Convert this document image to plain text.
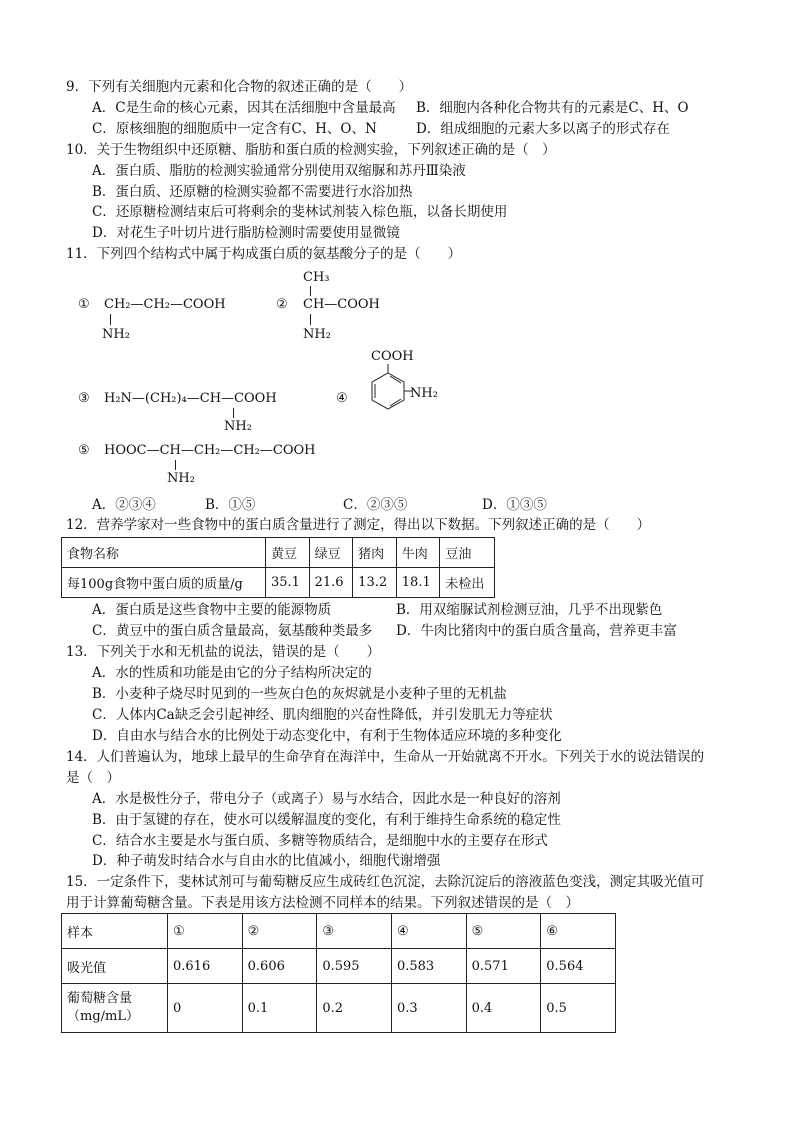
9．下列有关细胞内元素和化合物的叙述正确的是（　　）
A．C是生命的核心元素，因其在活细胞中含量最高 B．细胞内各种化合物共有的元素是C、H、O
C．原核细胞的细胞质中一定含有C、H、O、N	D．组成细胞的元素大多以离子的形式存在
10．关于生物组织中还原糖、脂肪和蛋白质的检测实验，下列叙述正确的是（　）
A．蛋白质、脂肪的检测实验通常分别使用双缩脲和苏丹Ⅲ染液
B．蛋白质、还原糖的检测实验都不需要进行水浴加热
C．还原糖检测结束后可将剩余的斐林试剂装入棕色瓶，以备长期使用
D．对花生子叶切片进行脂肪检测时需要使用显微镜
11．下列四个结构式中属于构成蛋白质的氨基酸分子的是（　　）
① CH₂—CH₂—COOH
NH₂
CH₃
② CH—COOH
NH₂
③ H₂N—(CH₂)₄—CH—COOH
NH₂
④
COOH
NH₂
⑤ HOOC—CH—CH₂—CH₂—COOH
NH₂
A．②③④	B．①⑤	C．②③⑤	D．①③⑤
12．营养学家对一些食物中的蛋白质含量进行了测定，得出以下数据。下列叙述正确的是（　　）
食物名称	黄豆	绿豆	猪肉	牛肉	豆油
每100g食物中蛋白质的质量/g	35.1	21.6	13.2	18.1	未检出
A．蛋白质是这些食物中主要的能源物质	B．用双缩脲试剂检测豆油，几乎不出现紫色
C．黄豆中的蛋白质含量最高，氨基酸种类最多 D．牛肉比猪肉中的蛋白质含量高，营养更丰富
13．下列关于水和无机盐的说法，错误的是（　　）
A．水的性质和功能是由它的分子结构所决定的
B．小麦种子烧尽时见到的一些灰白色的灰烬就是小麦种子里的无机盐
C．人体内Ca缺乏会引起神经、肌肉细胞的兴奋性降低，并引发肌无力等症状
D．自由水与结合水的比例处于动态变化中，有利于生物体适应环境的多种变化
14．人们普遍认为，地球上最早的生命孕育在海洋中，生命从一开始就离不开水。下列关于水的说法错误的
是（　）
A．水是极性分子，带电分子（或离子）易与水结合，因此水是一种良好的溶剂
B．由于氢键的存在，使水可以缓解温度的变化，有利于维持生命系统的稳定性
C．结合水主要是水与蛋白质、多糖等物质结合，是细胞中水的主要存在形式
D．种子萌发时结合水与自由水的比值减小，细胞代谢增强
15．一定条件下，斐林试剂可与葡萄糖反应生成砖红色沉淀，去除沉淀后的溶液蓝色变浅，测定其吸光值可
用于计算葡萄糖含量。下表是用该方法检测不同样本的结果。下列叙述错误的是（　）
样本	①	②	③	④	⑤	⑥
吸光值	0.616	0.606	0.595	0.583	0.571	0.564

葡萄糖含量
（mg/mL）	0	0.1	0.2	0.3	0.4	0.5
